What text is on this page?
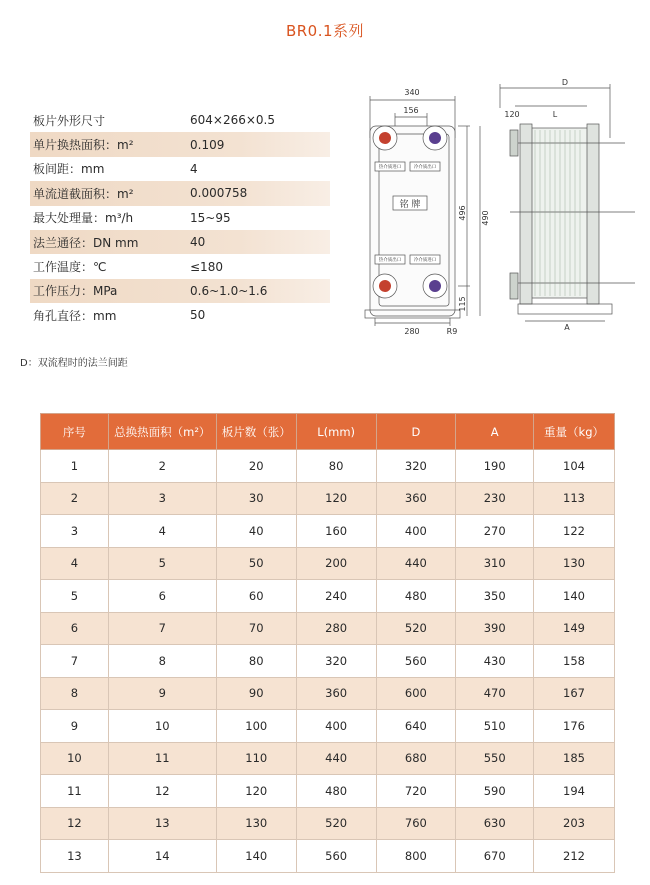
BR0.1系列
板片外形尺寸	604×266×0.5
单片换热面积：m²	0.109
板间距：mm	4
单流道截面积：m²	0.000758
最大处理量：m³/h	15~95
法兰通径：DN mm	40
工作温度：℃	≤180
工作压力：MPa	0.6~1.0~1.6
角孔直径：mm	50
340
156
铭 牌
热介质进口	冷介质出口
热介质出口	冷介质进口
280	R9
496 490
115
D
120	L
A
D：双流程时的法兰间距
序号	总换热面积（m²）	板片数（张）	L(mm)	D	A	重量（kg）
1	2	20	80	320	190	104
2	3	30	120	360	230	113
3	4	40	160	400	270	122
4	5	50	200	440	310	130
5	6	60	240	480	350	140
6	7	70	280	520	390	149
7	8	80	320	560	430	158
8	9	90	360	600	470	167
9	10	100	400	640	510	176
10	11	110	440	680	550	185
11	12	120	480	720	590	194
12	13	130	520	760	630	203
13	14	140	560	800	670	212
